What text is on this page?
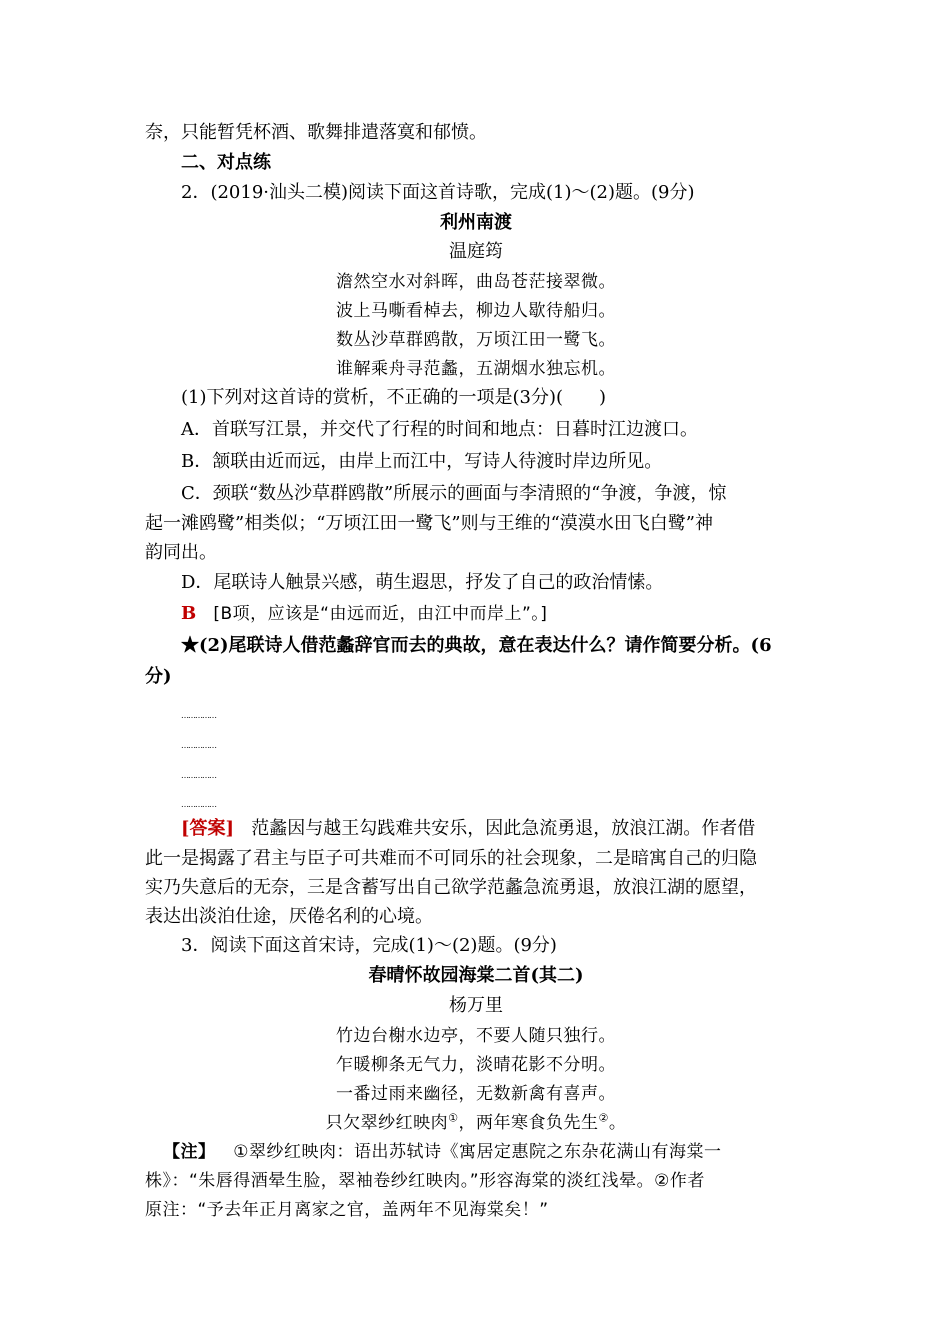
奈，只能暂凭杯酒、歌舞排遣落寞和郁愤。
二、对点练
2．(2019·汕头二模)阅读下面这首诗歌，完成(1)～(2)题。(9分)
利州南渡
温庭筠
澹然空水对斜晖，曲岛苍茫接翠微。
波上马嘶看棹去，柳边人歇待船归。
数丛沙草群鸥散，万顷江田一鹭飞。
谁解乘舟寻范蠡，五湖烟水独忘机。
(1)下列对这首诗的赏析，不正确的一项是(3分)(　　)
A．首联写江景，并交代了行程的时间和地点：日暮时江边渡口。
B．颔联由近而远，由岸上而江中，写诗人待渡时岸边所见。
C．颈联“数丛沙草群鸥散”所展示的画面与李清照的“争渡，争渡，惊
起一滩鸥鹭”相类似；“万顷江田一鹭飞”则与王维的“漠漠水田飞白鹭”神
韵同出。
D．尾联诗人触景兴感，萌生遐思，抒发了自己的政治情愫。
B [B项，应该是“由远而近，由江中而岸上”。]
★(2)尾联诗人借范蠡辞官而去的典故，意在表达什么？请作简要分析。(6
分)
……………
……………
……………
……………
[答案] 范蠡因与越王勾践难共安乐，因此急流勇退，放浪江湖。作者借
此一是揭露了君主与臣子可共难而不可同乐的社会现象，二是暗寓自己的归隐
实乃失意后的无奈，三是含蓄写出自己欲学范蠡急流勇退，放浪江湖的愿望，
表达出淡泊仕途，厌倦名利的心境。
3．阅读下面这首宋诗，完成(1)～(2)题。(9分)
春晴怀故园海棠二首(其二)
杨万里
竹边台榭水边亭，不要人随只独行。
乍暖柳条无气力，淡晴花影不分明。
一番过雨来幽径，无数新禽有喜声。
只欠翠纱红映肉①，两年寒食负先生②。
【注】 ①翠纱红映肉：语出苏轼诗《寓居定惠院之东杂花满山有海棠一
株》：“朱唇得酒晕生脸，翠袖卷纱红映肉。”形容海棠的淡红浅晕。②作者
原注：“予去年正月离家之官，盖两年不见海棠矣！”
